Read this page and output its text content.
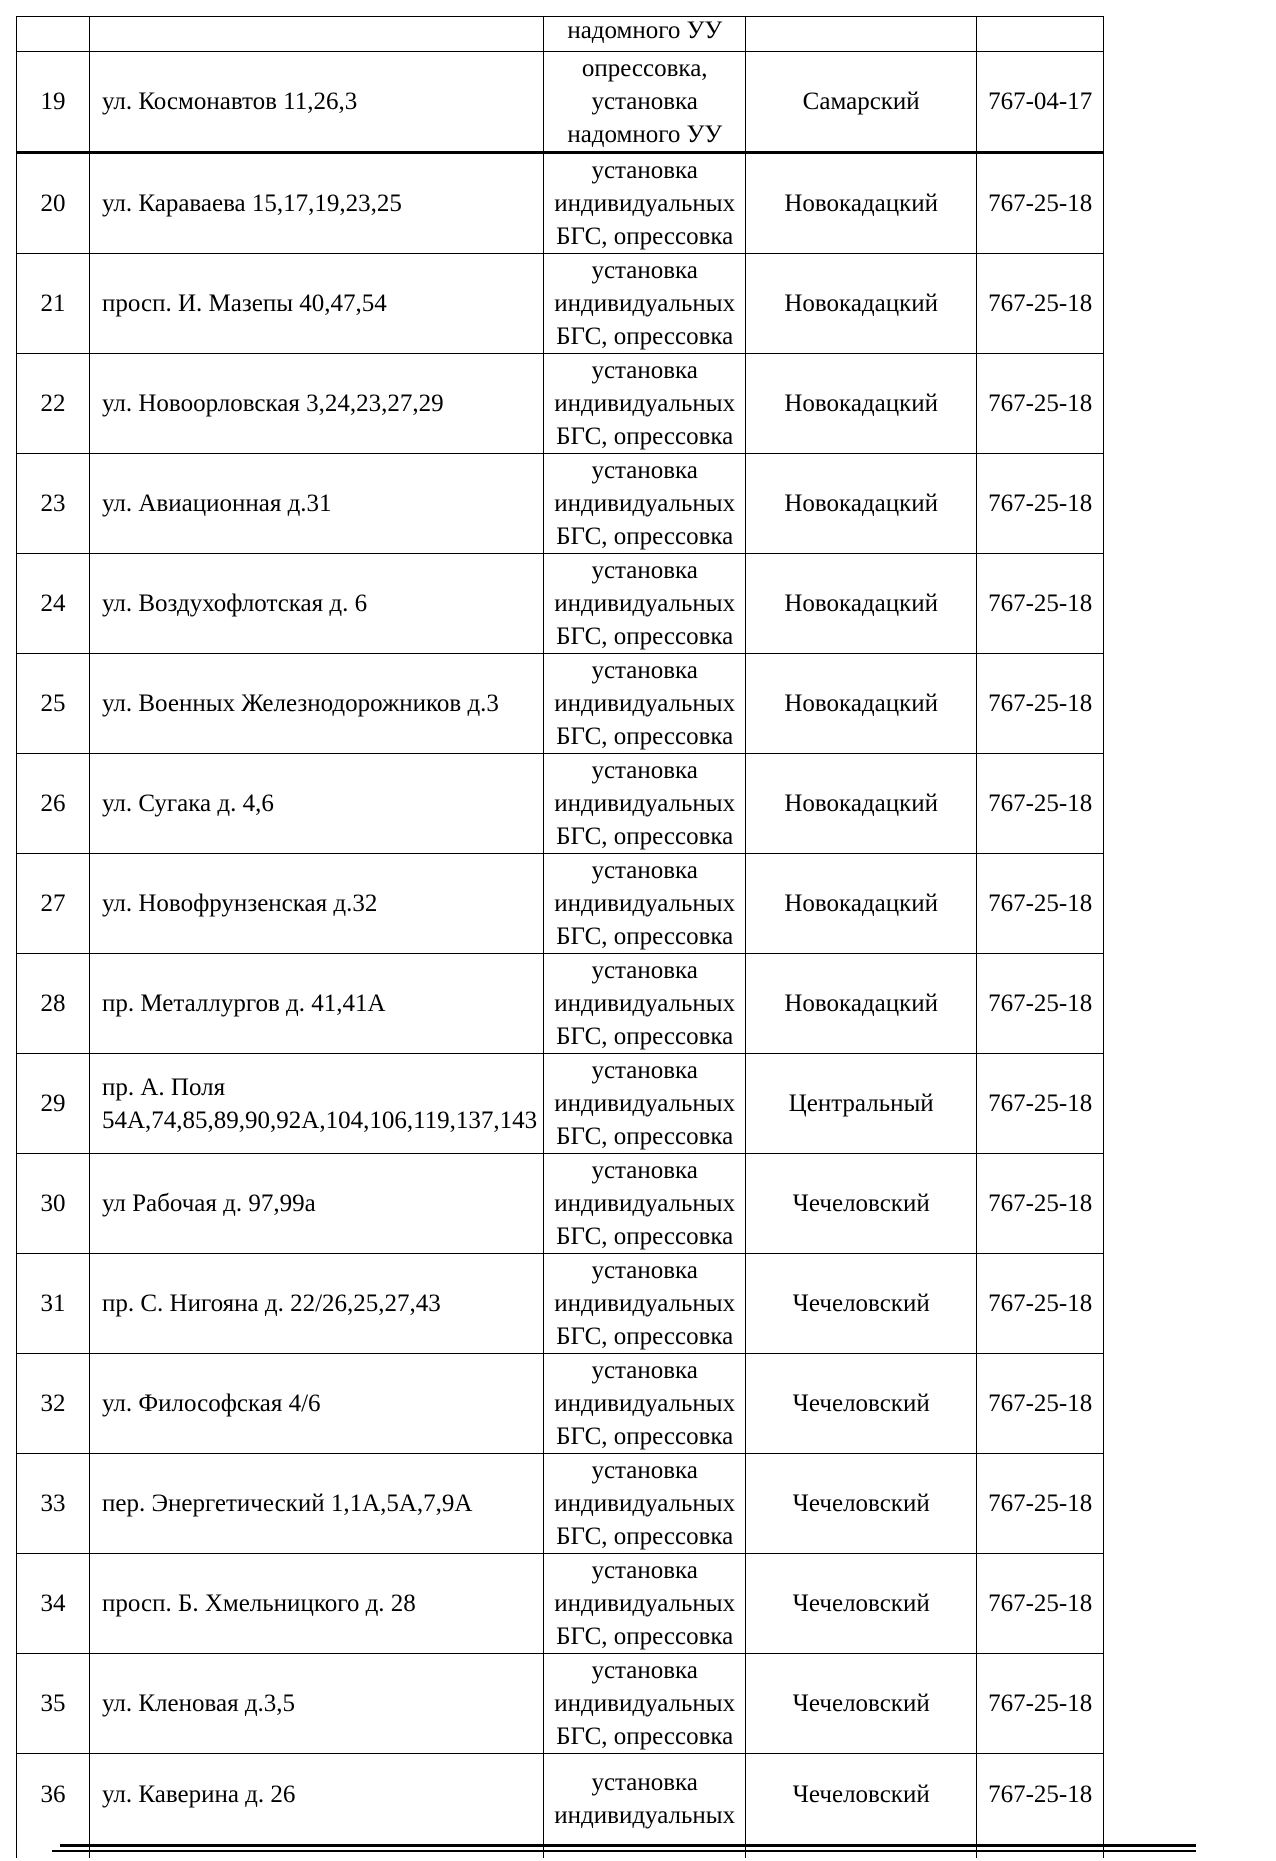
		надомного УУ		

19	ул. Космонавтов 11,26,3	опрессовка, установка надомного УУ	Самарский	767-04-17
20	ул. Караваева 15,17,19,23,25	установка индивидуальных БГС, опрессовка	Новокадацкий	767-25-18
21	просп. И. Мазепы 40,47,54	установка индивидуальных БГС, опрессовка	Новокадацкий	767-25-18
22	ул. Новоорловская 3,24,23,27,29	установка индивидуальных БГС, опрессовка	Новокадацкий	767-25-18
23	ул. Авиационная д.31	установка индивидуальных БГС, опрессовка	Новокадацкий	767-25-18
24	ул. Воздухофлотская д. 6	установка индивидуальных БГС, опрессовка	Новокадацкий	767-25-18
25	ул. Военных Железнодорожников д.3	установка индивидуальных БГС, опрессовка	Новокадацкий	767-25-18
26	ул. Сугака д. 4,6	установка индивидуальных БГС, опрессовка	Новокадацкий	767-25-18
27	ул. Новофрунзенская д.32	установка индивидуальных БГС, опрессовка	Новокадацкий	767-25-18
28	пр. Металлургов д. 41,41А	установка индивидуальных БГС, опрессовка	Новокадацкий	767-25-18
29	пр. А. Поля 54А,74,85,89,90,92А,104,106,119,137,143	установка индивидуальных БГС, опрессовка	Центральный	767-25-18
30	ул Рабочая д. 97,99а	установка индивидуальных БГС, опрессовка	Чечеловский	767-25-18
31	пр. С. Нигояна д. 22/26,25,27,43	установка индивидуальных БГС, опрессовка	Чечеловский	767-25-18
32	ул. Философская 4/6	установка индивидуальных БГС, опрессовка	Чечеловский	767-25-18
33	пер. Энергетический 1,1А,5А,7,9А	установка индивидуальных БГС, опрессовка	Чечеловский	767-25-18
34	просп. Б. Хмельницкого д. 28	установка индивидуальных БГС, опрессовка	Чечеловский	767-25-18
35	ул. Кленовая д.3,5	установка индивидуальных БГС, опрессовка	Чечеловский	767-25-18
36	ул. Каверина д. 26	установка индивидуальных	Чечеловский	767-25-18
